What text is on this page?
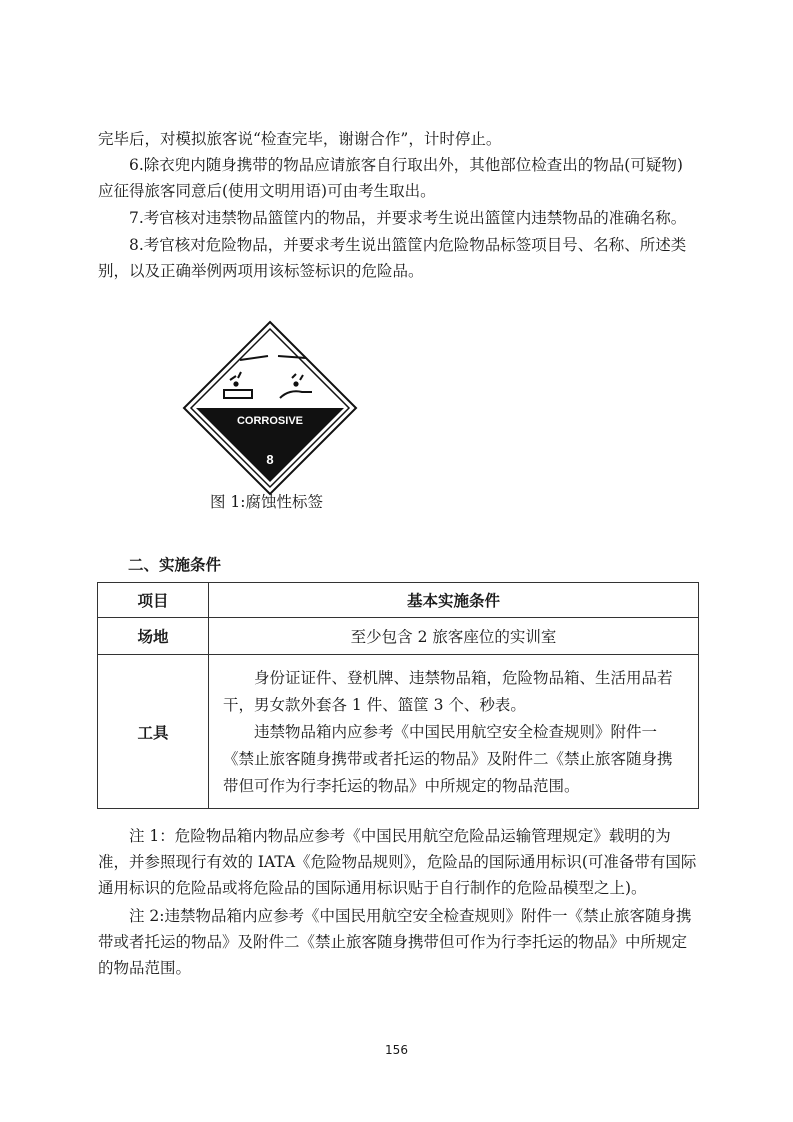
完毕后，对模拟旅客说“检查完毕，谢谢合作”，计时停止。

6.除衣兜内随身携带的物品应请旅客自行取出外，其他部位检查出的物品(可疑物)应征得旅客同意后(使用文明用语)可由考生取出。

7.考官核对违禁物品篮筐内的物品，并要求考生说出篮筐内违禁物品的准确名称。

8.考官核对危险物品，并要求考生说出篮筐内危险物品标签项目号、名称、所述类别，以及正确举例两项用该标签标识的危险品。

CORROSIVE
8
图 1:腐蚀性标签
二、实施条件
项目	基本实施条件
场地	至少包含 2 旅客座位的实训室
工具	身份证证件、登机牌、违禁物品箱，危险物品箱、生活用品若干，男女款外套各 1 件、篮筐 3 个、秒表。

违禁物品箱内应参考《中国民用航空安全检查规则》附件一《禁止旅客随身携带或者托运的物品》及附件二《禁止旅客随身携带但可作为行李托运的物品》中所规定的物品范围。

注 1：危险物品箱内物品应参考《中国民用航空危险品运输管理规定》载明的为准，并参照现行有效的 IATA《危险物品规则》，危险品的国际通用标识(可准备带有国际通用标识的危险品或将危险品的国际通用标识贴于自行制作的危险品模型之上)。

注 2:违禁物品箱内应参考《中国民用航空安全检查规则》附件一《禁止旅客随身携带或者托运的物品》及附件二《禁止旅客随身携带但可作为行李托运的物品》中所规定的物品范围。

156
